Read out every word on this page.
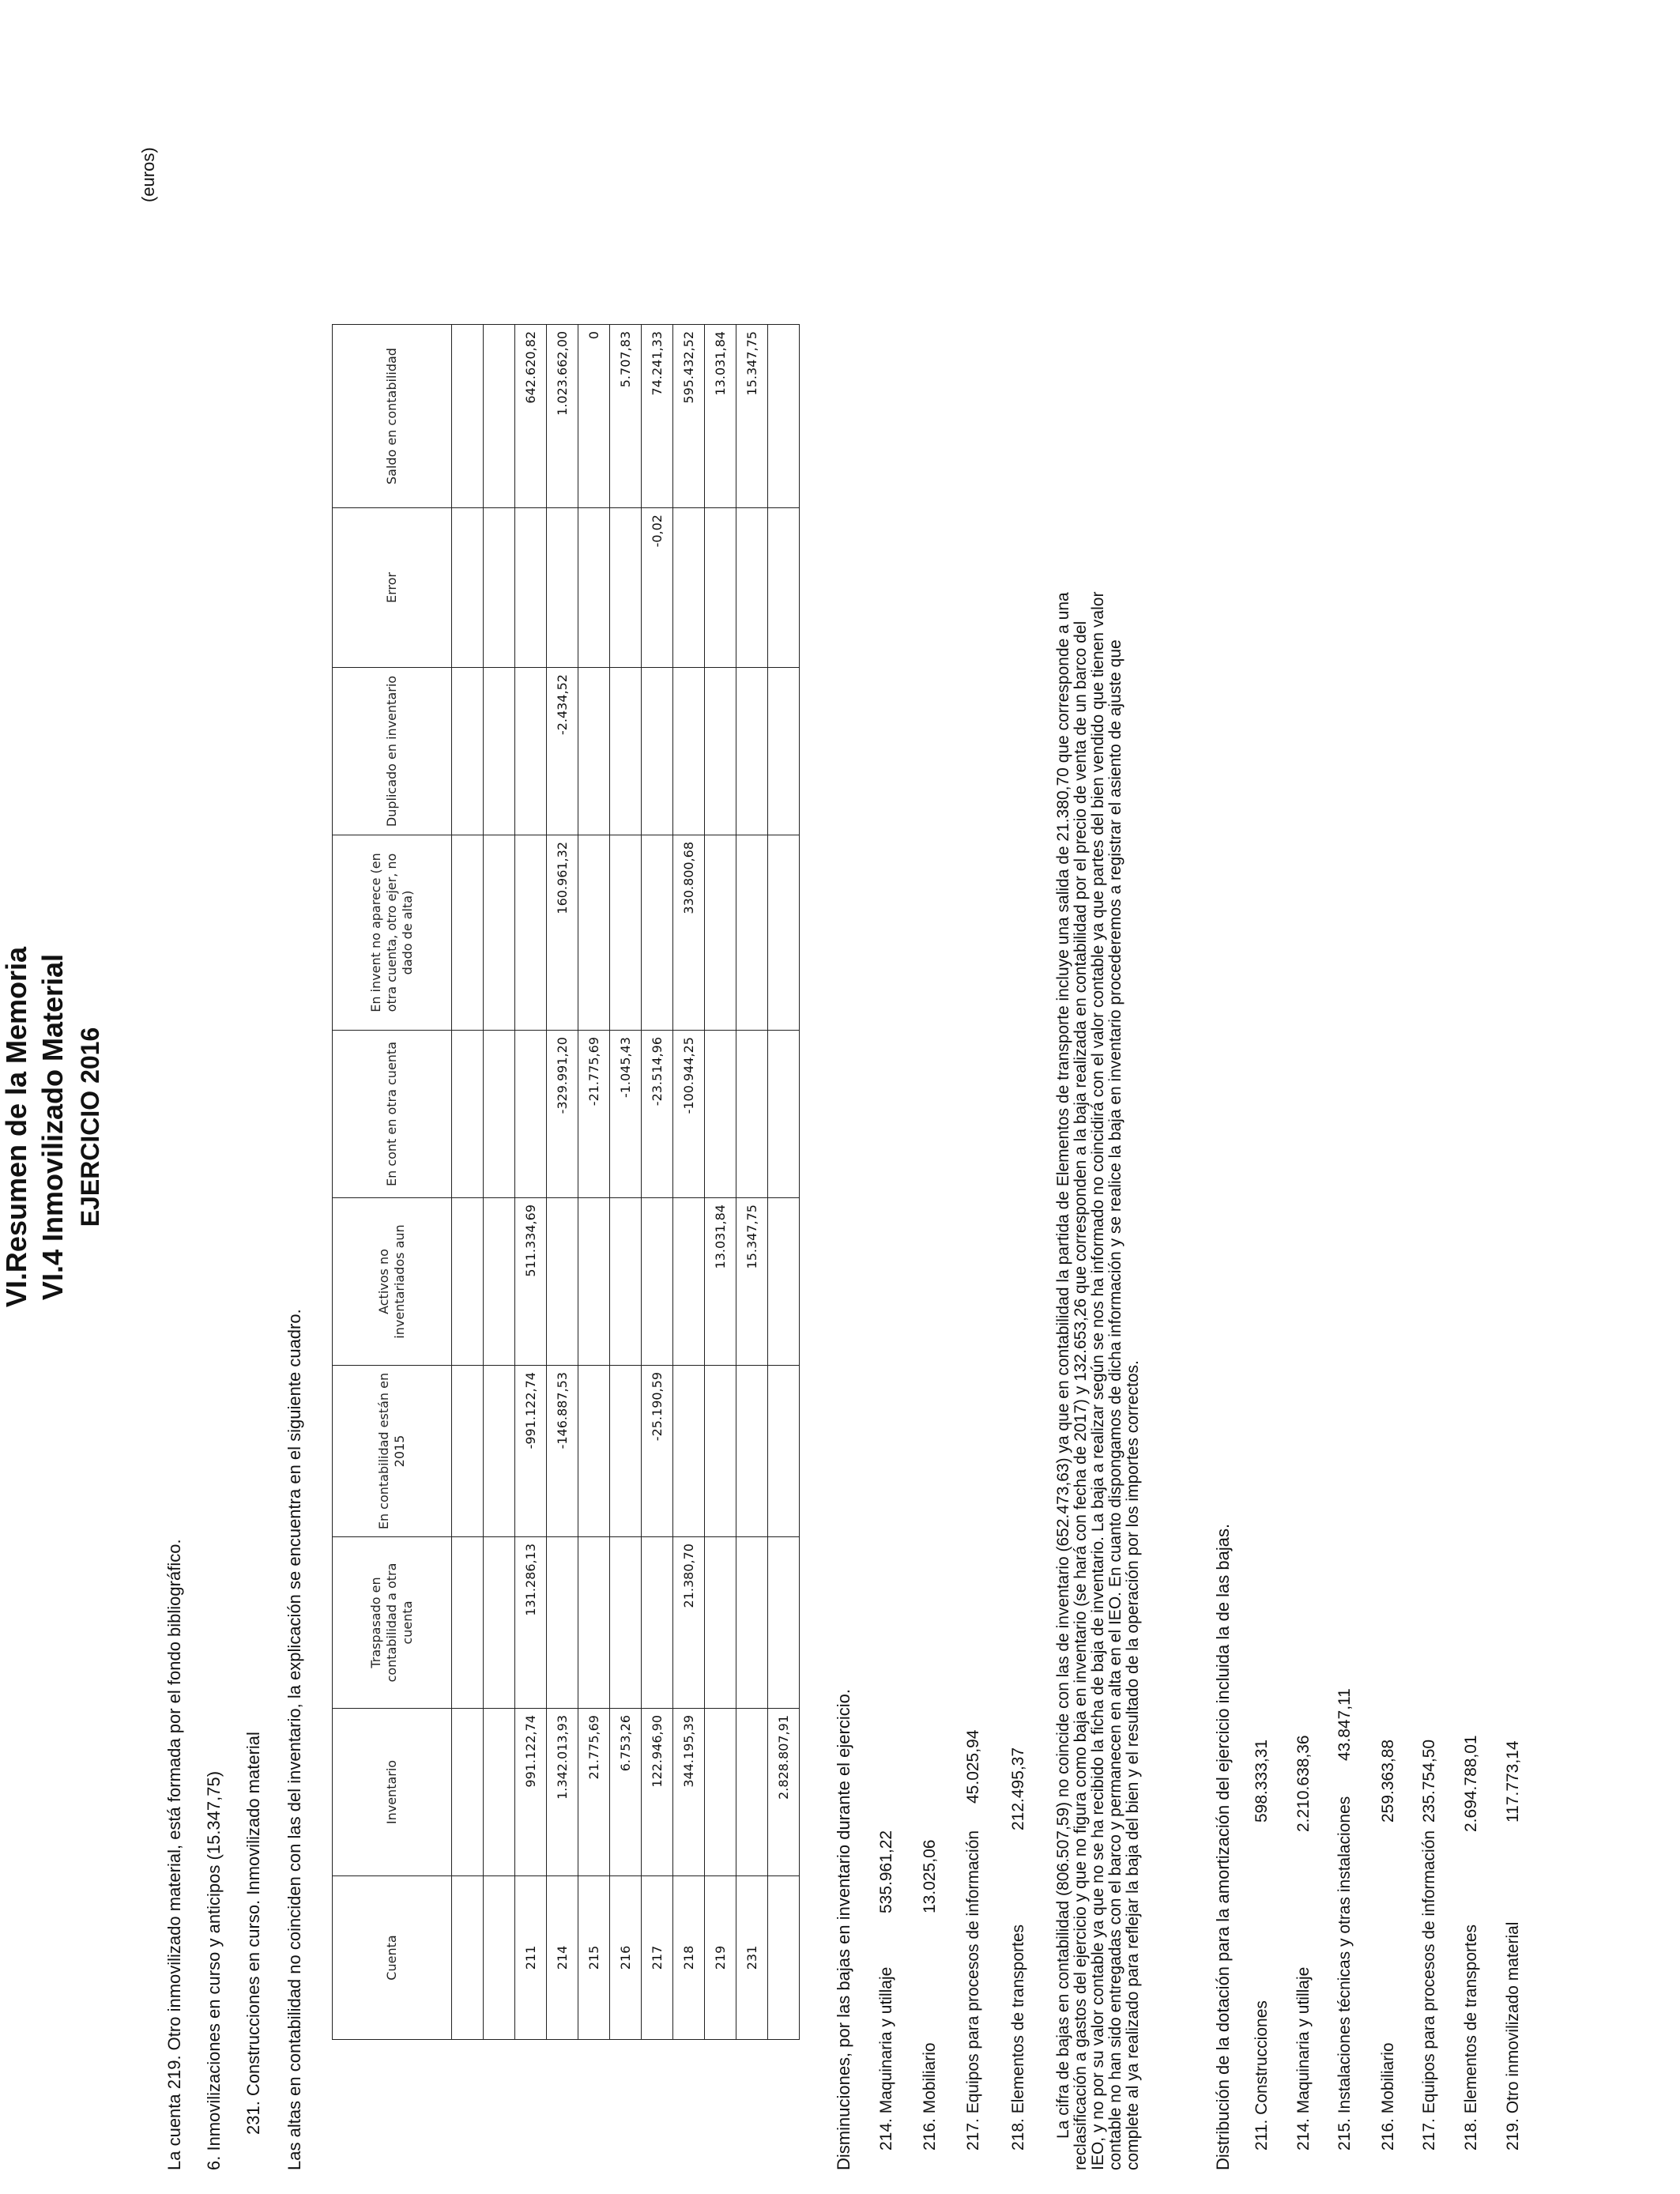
VI.Resumen de la Memoria VI.4 Inmovilizado Material EJERCICIO 2016
(euros)
La cuenta 219. Otro inmovilizado material, está formada por el fondo bibliográfico. 6. Inmovilizaciones en curso y anticipos (15.347,75) 231. Construcciones en curso. Inmovilizado material Las altas en contabilidad no coinciden con las del inventario, la explicación se encuentra en el siguiente cuadro.	Cuenta	Inventario	Traspasado en contabilidad a otra cuenta	En contabilidad están en 2015	Activos no inventariados aun	En cont en otra cuenta	En invent no aparece (en otra cuenta, otro ejer, no dado de alta)	Duplicado en inventario	Error	Saldo en contabilidad

211	991.122,74	131.286,13	-991.122,74	511.334,69					642.620,82
214	1.342.013,93		-146.887,53		-329.991,20	160.961,32	-2.434,52		1.023.662,00
215	21.775,69				-21.775,69				0
216	6.753,26				-1.045,43				5.707,83
217	122.946,90		-25.190,59		-23.514,96			-0,02	74.241,33
218	344.195,39	21.380,70			-100.944,25	330.800,68			595.432,52
219				13.031,84					13.031,84
231				15.347,75					15.347,75
	2.828.807,91								Disminuciones, por las bajas en inventario durante el ejercicio. 214. Maquinaria y utillaje
535.961,22
216. Mobiliario
13.025,06 217. Equipos para procesos de información
45.025,94
218. Elementos de transportes
212.495,37 La cifra de bajas en contabilidad (806.507,59) no coincide con las de inventario (652.473,63) ya que en contabilidad la partida de Elementos de transporte incluye una salida de 21.380,70 que corresponde a una reclasificación a gastos del ejercicio y que no figura como baja en inventario (se hará con fecha de 2017) y 132.653,26 que corresponden a la baja realizada en contabilidad por el precio de venta de un barco del IEO, y no por su valor contable ya que no se ha recibido la ficha de baja de inventario. La baja a realizar según se nos ha informado no coincidirá con el valor contable ya que partes del bien vendido que tienen valor contable no han sido entregadas con el barco y permanecen en alta en el IEO. En cuanto dispongamos de dicha información y se realice la baja en inventario procederemos a registrar el asiento de ajuste que complete al ya realizado para reflejar la baja del bien y el resultado de la operación por los importes correctos.	Distribución de la dotación para la amortización del ejercicio incluida la de las bajas. 211. Construcciones
598.333,31
214. Maquinaria y utillaje
2.210.638,36
215. Instalaciones técnicas y otras instalaciones
43.847,11
216. Mobiliario
259.363,88
217. Equipos para procesos de información
235.754,50
218. Elementos de transportes
2.694.788,01
219. Otro inmovilizado material
117.773,14
